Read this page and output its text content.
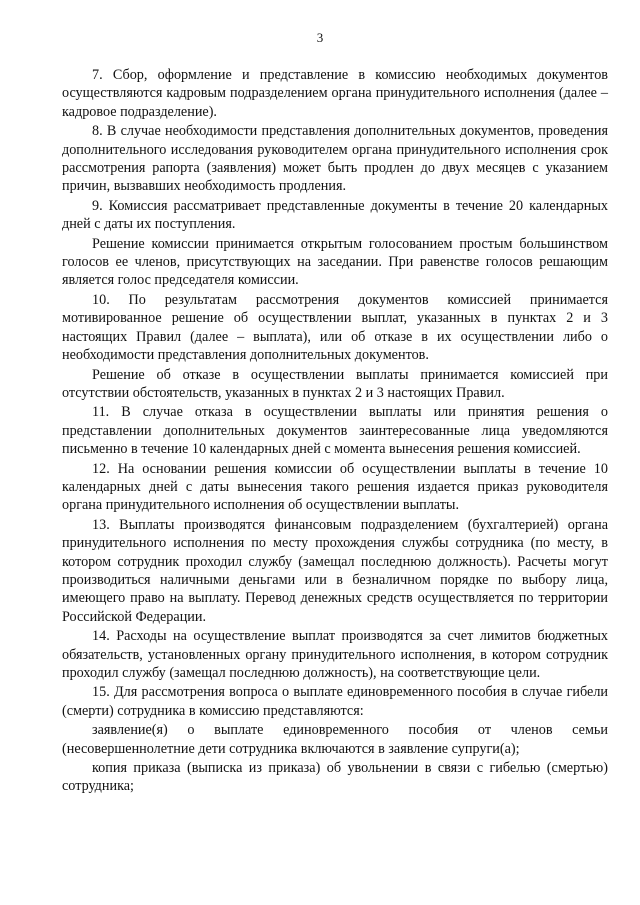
3

7. Сбор, оформление и представление в комиссию необходимых документов осуществляются кадровым подразделением органа принудительного исполнения (далее – кадровое подразделение).

8. В случае необходимости представления дополнительных документов, проведения дополнительного исследования руководителем органа принудительного исполнения срок рассмотрения рапорта (заявления) может быть продлен до двух месяцев с указанием причин, вызвавших необходимость продления.

9. Комиссия рассматривает представленные документы в течение 20 календарных дней с даты их поступления.

Решение комиссии принимается открытым голосованием простым большинством голосов ее членов, присутствующих на заседании. При равенстве голосов решающим является голос председателя комиссии.

10. По результатам рассмотрения документов комиссией принимается мотивированное решение об осуществлении выплат, указанных в пунктах 2 и 3 настоящих Правил (далее – выплата), или об отказе в их осуществлении либо о необходимости представления дополнительных документов.

Решение об отказе в осуществлении выплаты принимается комиссией при отсутствии обстоятельств, указанных в пунктах 2 и 3 настоящих Правил.

11. В случае отказа в осуществлении выплаты или принятия решения о представлении дополнительных документов заинтересованные лица уведомляются письменно в течение 10 календарных дней с момента вынесения решения комиссией.

12. На основании решения комиссии об осуществлении выплаты в течение 10 календарных дней с даты вынесения такого решения издается приказ руководителя органа принудительного исполнения об осуществлении выплаты.

13. Выплаты производятся финансовым подразделением (бухгалтерией) органа принудительного исполнения по месту прохождения службы сотрудника (по месту, в котором сотрудник проходил службу (замещал последнюю должность). Расчеты могут производиться наличными деньгами или в безналичном порядке по выбору лица, имеющего право на выплату. Перевод денежных средств осуществляется по территории Российской Федерации.

14. Расходы на осуществление выплат производятся за счет лимитов бюджетных обязательств, установленных органу принудительного исполнения, в котором сотрудник проходил службу (замещал последнюю должность), на соответствующие цели.

15. Для рассмотрения вопроса о выплате единовременного пособия в случае гибели (смерти) сотрудника в комиссию представляются:

заявление(я) о выплате единовременного пособия от членов семьи (несовершеннолетние дети сотрудника включаются в заявление супруги(а);

копия приказа (выписка из приказа) об увольнении в связи с гибелью (смертью) сотрудника;
